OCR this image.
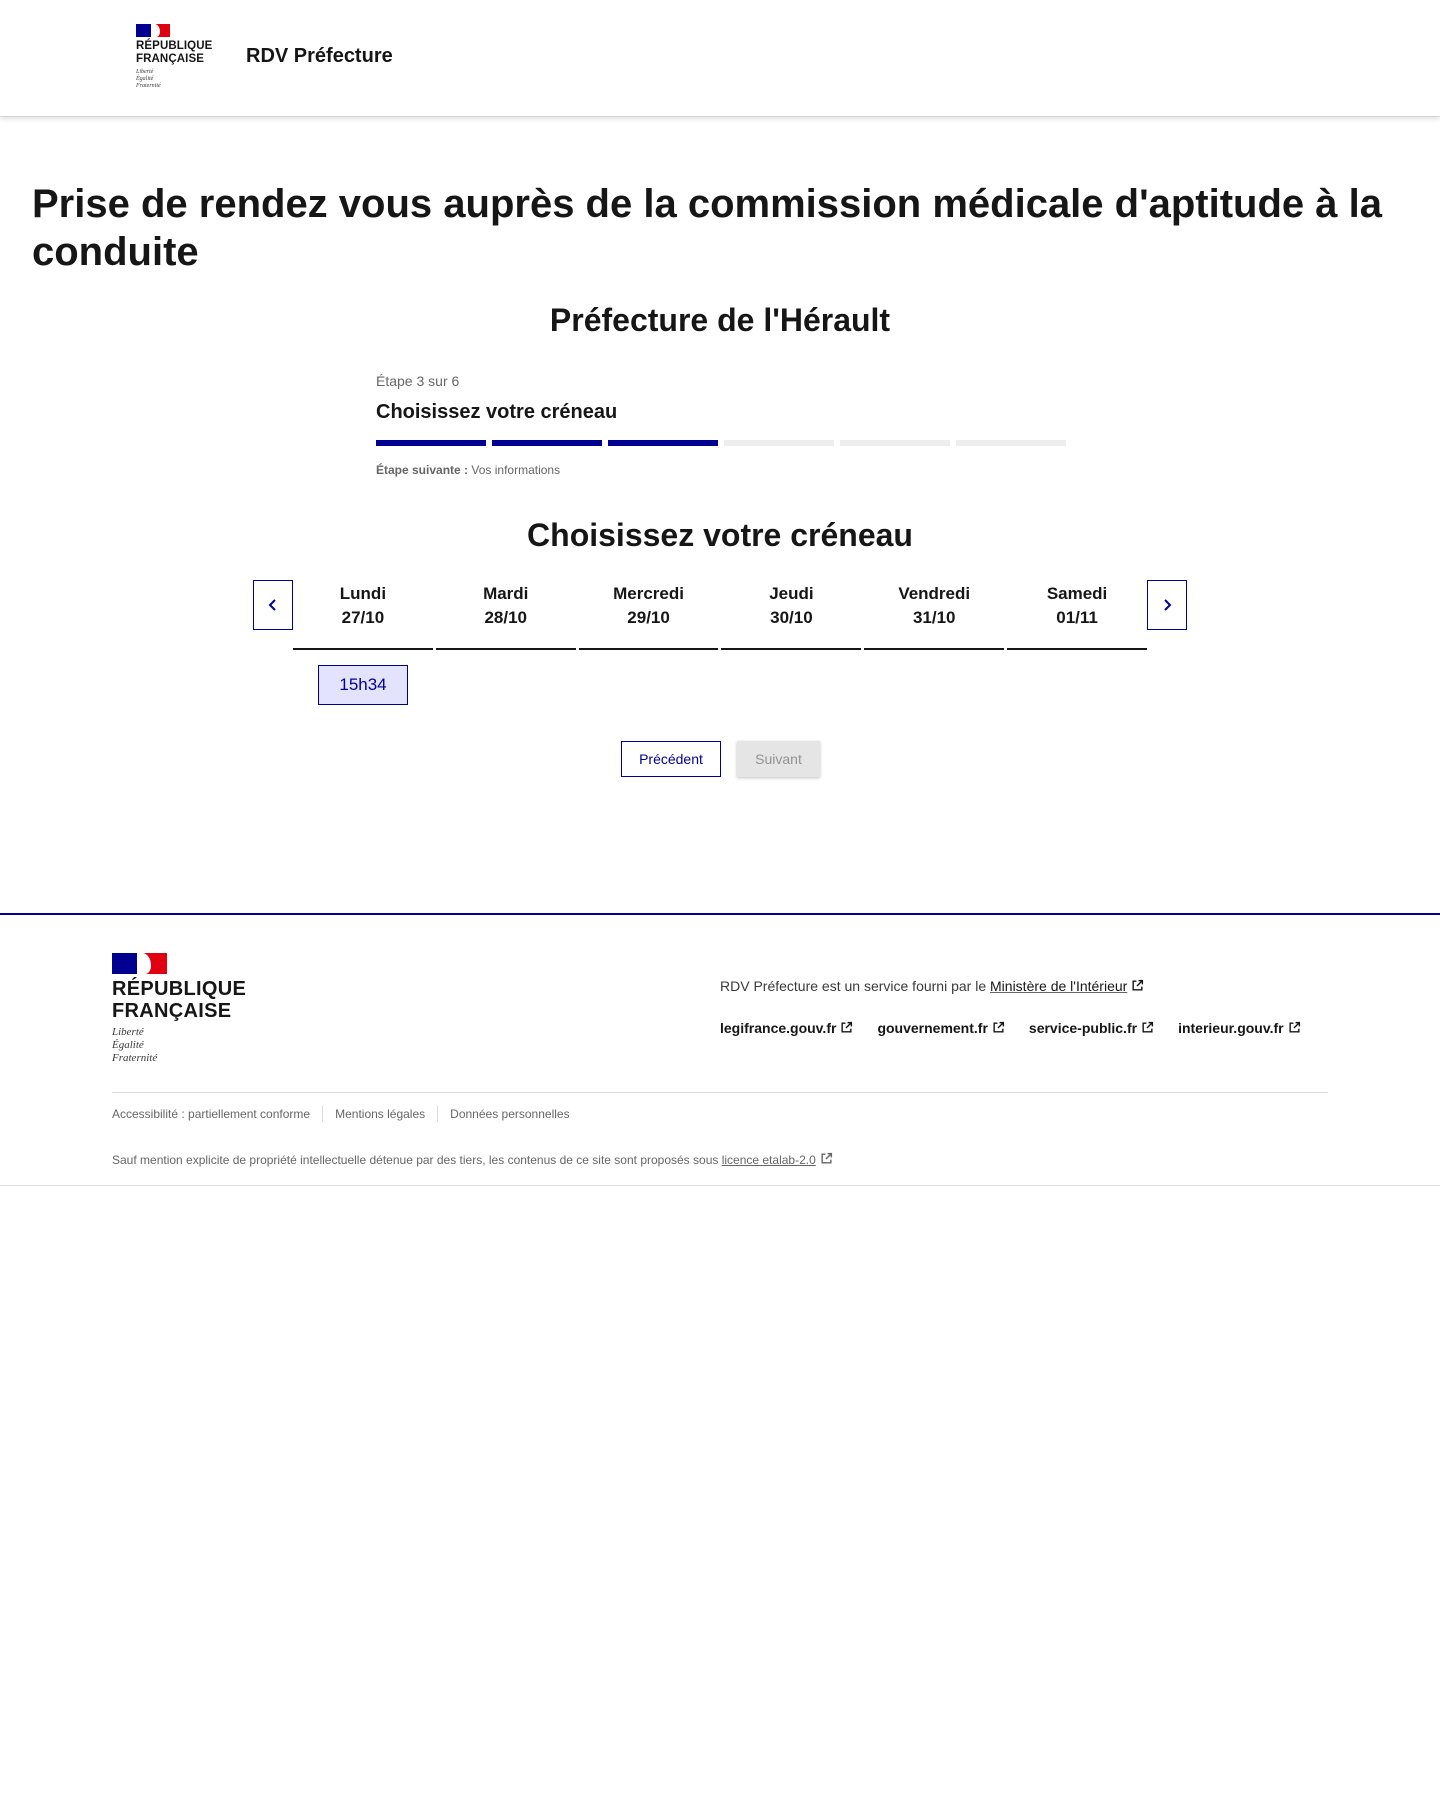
RÉPUBLIQUE
FRANÇAISE
Liberté
Égalité
Fraternité
RDV Préfecture
Prise de rendez vous auprès de la commission médicale d'aptitude à la conduite
Préfecture de l'Hérault

Étape 3 sur 6

Choisissez votre créneau

Étape suivante : Vos informations

Choisissez votre créneau
Lundi
27/10
Mardi
28/10
Mercredi
29/10
Jeudi
30/10
Vendredi
31/10
Samedi
01/11
15h34
Précédent	Suivant
RÉPUBLIQUE
FRANÇAISE
Liberté
Égalité
Fraternité

RDV Préfecture est un service fourni par le Ministère de l'Intérieur

legifrance.gouv.fr	gouvernement.fr	service-public.fr	interieur.gouv.fr
Accessibilité : partiellement conforme	Mentions légales	Données personnelles

Sauf mention explicite de propriété intellectuelle détenue par des tiers, les contenus de ce site sont proposés sous licence etalab-2.0
